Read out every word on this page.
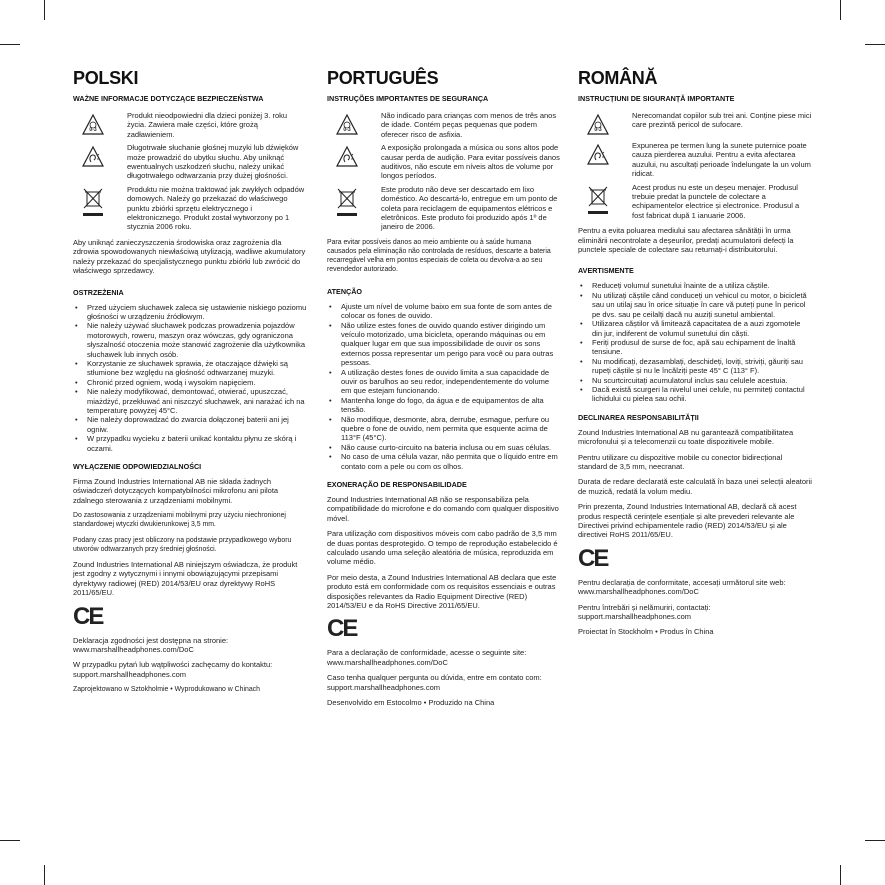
POLSKI
WAŻNE INFORMACJE DOTYCZĄCE BEZPIECZEŃSTWA
0-3
Produkt nieodpowiedni dla dzieci poniżej 3. roku życia. Zawiera małe części, które grożą zadławieniem.
Długotrwałe słuchanie głośnej muzyki lub dźwięków może prowadzić do ubytku słuchu. Aby uniknąć ewentualnych uszkodzeń słuchu, należy unikać długotrwałego odtwarzania przy dużej głośności.
Produktu nie można traktować jak zwykłych odpadów domowych. Należy go przekazać do właściwego punktu zbiórki sprzętu elektrycznego i elektronicznego. Produkt został wytworzony po 1 stycznia 2006 roku.

Aby uniknąć zanieczyszczenia środowiska oraz zagrożenia dla zdrowia spowodowanych niewłaściwą utylizacją, wadliwe akumulatory należy przekazać do specjalistycznego punktu zbiórki lub zwrócić do właściwego sprzedawcy.

OSTRZEŻENIA
• Przed użyciem słuchawek zaleca się ustawienie niskiego poziomu głośności w urządzeniu źródłowym.
• Nie należy używać słuchawek podczas prowadzenia pojazdów motorowych, roweru, maszyn oraz wówczas, gdy ograniczona słyszalność otoczenia może stanowić zagrożenie dla użytkownika słuchawek lub innych osób.
• Korzystanie ze słuchawek sprawia, że otaczające dźwięki są stłumione bez względu na głośność odtwarzanej muzyki.
• Chronić przed ogniem, wodą i wysokim napięciem.
• Nie należy modyfikować, demontować, otwierać, upuszczać, miażdżyć, przekłuwać ani niszczyć słuchawek, ani narażać ich na temperaturę powyżej 45°C.
• Nie należy doprowadzać do zwarcia dołączonej baterii ani jej ogniw.
• W przypadku wycieku z baterii unikać kontaktu płynu ze skórą i oczami.
WYŁĄCZENIE ODPOWIEDZIALNOŚCI

Firma Zound Industries International AB nie składa żadnych oświadczeń dotyczących kompatybilności mikrofonu ani pilota zdalnego sterowania z urządzeniami mobilnymi.

Do zastosowania z urządzeniami mobilnymi przy użyciu niechronionej standardowej wtyczki dwukierunkowej 3,5 mm.

Podany czas pracy jest obliczony na podstawie przypadkowego wyboru utworów odtwarzanych przy średniej głośności.

Zound Industries International AB niniejszym oświadcza, że produkt jest zgodny z wytycznymi i innymi obowiązującymi przepisami dyrektywy radiowej (RED) 2014/53/EU oraz dyrektywy RoHS 2011/65/EU.

CE

Deklaracja zgodności jest dostępna na stronie: www.marshallheadphones.com/DoC

W przypadku pytań lub wątpliwości zachęcamy do kontaktu: support.marshallheadphones.com

Zaprojektowano w Sztokholmie • Wyprodukowano w Chinach

PORTUGUÊS
INSTRUÇÕES IMPORTANTES DE SEGURANÇA
0-3
Não indicado para crianças com menos de três anos de idade. Contém peças pequenas que podem oferecer risco de asfixia.
A exposição prolongada a música ou sons altos pode causar perda de audição. Para evitar possíveis danos auditivos, não escute em níveis altos de volume por longos períodos.
Este produto não deve ser descartado em lixo doméstico. Ao descartá-lo, entregue em um ponto de coleta para reciclagem de equipamentos elétricos e eletrônicos. Este produto foi produzido após 1º de janeiro de 2006.

Para evitar possíveis danos ao meio ambiente ou à saúde humana causados pela eliminação não controlada de resíduos, descarte a bateria recarregável velha em pontos especiais de coleta ou devolva-a ao seu revendedor autorizado.

ATENÇÃO
• Ajuste um nível de volume baixo em sua fonte de som antes de colocar os fones de ouvido.
• Não utilize estes fones de ouvido quando estiver dirigindo um veículo motorizado, uma bicicleta, operando máquinas ou em qualquer lugar em que sua impossibilidade de ouvir os sons externos possa representar um perigo para você ou para outras pessoas.
• A utilização destes fones de ouvido limita a sua capacidade de ouvir os barulhos ao seu redor, independentemente do volume em que estejam funcionando.
• Mantenha longe do fogo, da água e de equipamentos de alta tensão.
• Não modifique, desmonte, abra, derrube, esmague, perfure ou quebre o fone de ouvido, nem permita que esquente acima de 113°F (45°C).
• Não cause curto-circuito na bateria inclusa ou em suas células.
• No caso de uma célula vazar, não permita que o líquido entre em contato com a pele ou com os olhos.
EXONERAÇÃO DE RESPONSABILIDADE

Zound Industries International AB não se responsabiliza pela compatibilidade do microfone e do comando com qualquer dispositivo móvel.

Para utilização com dispositivos móveis com cabo padrão de 3,5 mm de duas pontas desprotegido. O tempo de reprodução estabelecido é calculado usando uma seleção aleatória de música, reproduzida em volume médio.

Por meio desta, a Zound Industries International AB declara que este produto está em conformidade com os requisitos essenciais e outras disposições relevantes da Radio Equipment Directive (RED) 2014/53/EU e da RoHS Directive 2011/65/EU.

CE

Para a declaração de conformidade, acesse o seguinte site: www.marshallheadphones.com/DoC

Caso tenha qualquer pergunta ou dúvida, entre em contato com: support.marshallheadphones.com

Desenvolvido em Estocolmo • Produzido na China

ROMÂNĂ
INSTRUCȚIUNI DE SIGURANȚĂ IMPORTANTE
0-3
Nerecomandat copiilor sub trei ani. Conține piese mici care prezintă pericol de sufocare.
Expunerea pe termen lung la sunete puternice poate cauza pierderea auzului. Pentru a evita afectarea auzului, nu ascultați perioade îndelungate la un volum ridicat.
Acest produs nu este un deșeu menajer. Produsul trebuie predat la punctele de colectare a echipamentelor electrice și electronice. Produsul a fost fabricat după 1 ianuarie 2006.

Pentru a evita poluarea mediului sau afectarea sănătății în urma eliminării necontrolate a deșeurilor, predați acumulatorii defecți la punctele speciale de colectare sau returnați-i distribuitorului.

AVERTISMENTE
• Reduceți volumul sunetului înainte de a utiliza căștile.
• Nu utilizați căștile când conduceți un vehicul cu motor, o bicicletă sau un utilaj sau în orice situație în care vă puteți pune în pericol pe dvs. sau pe ceilalți dacă nu auziți sunetul ambiental.
• Utilizarea căștilor vă limitează capacitatea de a auzi zgomotele din jur, indiferent de volumul sunetului din căști.
• Feriți produsul de surse de foc, apă sau echipament de înaltă tensiune.
• Nu modificați, dezasamblați, deschideți, loviți, striviți, găuriți sau rupeți căștile și nu le încălziți peste 45° C (113° F).
• Nu scurtcircuitați acumulatorul inclus sau celulele acestuia.
• Dacă există scurgeri la nivelul unei celule, nu permiteți contactul lichidului cu pielea sau ochii.
DECLINAREA RESPONSABILITĂȚII

Zound Industries International AB nu garantează compatibilitatea microfonului și a telecomenzii cu toate dispozitivele mobile.

Pentru utilizare cu dispozitive mobile cu conector bidirecțional standard de 3,5 mm, neecranat.

Durata de redare declarată este calculată în baza unei selecții aleatorii de muzică, redată la volum mediu.

Prin prezenta, Zound Industries International AB, declară că acest produs respectă cerințele esențiale și alte prevederi relevante ale Directivei privind echipamentele radio (RED) 2014/53/EU și ale directivei RoHS 2011/65/EU.

CE

Pentru declarația de conformitate, accesați următorul site web: www.marshallheadphones.com/DoC

Pentru întrebări și nelămuriri, contactați: support.marshallheadphones.com

Proiectat în Stockholm • Produs în China
